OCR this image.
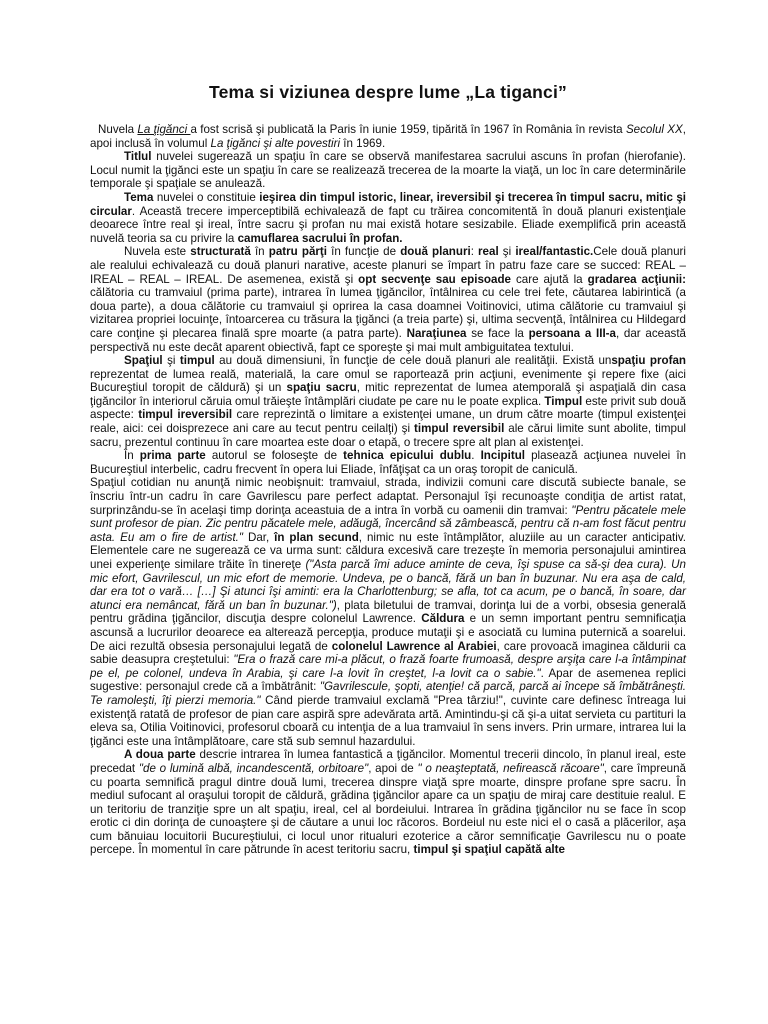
Tema si viziunea despre lume „La tiganci”

Nuvela La ţigănci a fost scrisă şi publicată la Paris în iunie 1959, tipărită în 1967 în România în revista Secolul XX, apoi inclusă în volumul La ţigănci şi alte povestiri în 1969.

Titlul nuvelei sugerează un spaţiu în care se observă manifestarea sacrului ascuns în profan (hierofanie). Locul numit la ţigănci este un spaţiu în care se realizează trecerea de la moarte la viaţă, un loc în care determinările temporale şi spaţiale se anulează.

Tema nuvelei o constituie ieşirea din timpul istoric, linear, ireversibil şi trecerea în timpul sacru, mitic şi circular. Această trecere imperceptibilă echivalează de fapt cu trăirea concomitentă în două planuri existenţiale deoarece între real şi ireal, între sacru şi profan nu mai există hotare sesizabile. Eliade exemplifică prin această nuvelă teoria sa cu privire la camuflarea sacrului în profan.

Nuvela este structurată în patru părţi în funcţie de două planuri: real şi ireal/fantastic.Cele două planuri ale realului echivalează cu două planuri narative, aceste planuri se împart în patru faze care se succed: REAL – IREAL – REAL – IREAL. De asemenea, există şi opt secvenţe sau episoade care ajută la gradarea acţiunii: călătoria cu tramvaiul (prima parte), intrarea în lumea ţigăncilor, întâlnirea cu cele trei fete, căutarea labirintică (a doua parte), a doua călătorie cu tramvaiul şi oprirea la casa doamnei Voitinovici, utima călătorie cu tramvaiul şi vizitarea propriei locuinţe, întoarcerea cu trăsura la ţigănci (a treia parte) şi, ultima secvenţă, întâlnirea cu Hildegard care conţine şi plecarea finală spre moarte (a patra parte). Naraţiunea se face la persoana a III-a, dar această perspectivă nu este decât aparent obiectivă, fapt ce sporeşte şi mai mult ambiguitatea textului.

Spaţiul şi timpul au două dimensiuni, în funcţie de cele două planuri ale realităţii. Există unspaţiu profan reprezentat de lumea reală, materială, la care omul se raportează prin acţiuni, evenimente şi repere fixe (aici Bucureştiul toropit de căldură) şi un spaţiu sacru, mitic reprezentat de lumea atemporală şi aspaţială din casa ţigăncilor în interiorul căruia omul trăieşte întâmplări ciudate pe care nu le poate explica. Timpul este privit sub două aspecte: timpul ireversibil care reprezintă o limitare a existenţei umane, un drum către moarte (timpul existenţei reale, aici: cei doisprezece ani care au tecut pentru ceilalţi) şi timpul reversibil ale cărui limite sunt abolite, timpul sacru, prezentul continuu în care moartea este doar o etapă, o trecere spre alt plan al existenţei.

În prima parte autorul se foloseşte de tehnica epicului dublu. Incipitul plasează acţiunea nuvelei în Bucureştiul interbelic, cadru frecvent în opera lui Eliade, înfăţişat ca un oraş toropit de caniculă.

Spaţiul cotidian nu anunţă nimic neobişnuit: tramvaiul, strada, indivizii comuni care discută subiecte banale, se înscriu într-un cadru în care Gavrilescu pare perfect adaptat. Personajul îşi recunoaşte condiţia de artist ratat, surprinzându-se în acelaşi timp dorinţa aceastuia de a intra în vorbă cu oamenii din tramvai: "Pentru păcatele mele sunt profesor de pian. Zic pentru păcatele mele, adăugă, încercând să zâmbească, pentru că n-am fost făcut pentru asta. Eu am o fire de artist." Dar, în plan secund, nimic nu este întâmplător, aluziile au un caracter anticipativ. Elementele care ne sugerează ce va urma sunt: căldura excesivă care trezeşte în memoria personajului amintirea unei experienţe similare trăite în tinereţe ("Asta parcă îmi aduce aminte de ceva, îşi spuse ca să-şi dea cura). Un mic efort, Gavrilescul, un mic efort de memorie. Undeva, pe o bancă, fără un ban în buzunar. Nu era aşa de cald, dar era tot o vară… […] Şi atunci îşi aminti: era la Charlottenburg; se afla, tot ca acum, pe o bancă, în soare, dar atunci era nemâncat, fără un ban în buzunar."), plata biletului de tramvai, dorinţa lui de a vorbi, obsesia generală pentru grădina ţigăncilor, discuţia despre colonelul Lawrence. Căldura e un semn important pentru semnificaţia ascunsă a lucrurilor deoarece ea alterează percepţia, produce mutaţii şi e asociată cu lumina puternică a soarelui. De aici rezultă obsesia personajului legată de colonelul Lawrence al Arabiei, care provoacă imaginea căldurii ca sabie deasupra creştetului: "Era o frază care mi-a plăcut, o frază foarte frumoasă, despre arşiţa care l-a întâmpinat pe el, pe colonel, undeva în Arabia, şi care l-a lovit în creştet, l-a lovit ca o sabie.". Apar de asemenea replici sugestive: personajul crede că a îmbătrânit: "Gavrilescule, şopti, atenţie! că parcă, parcă ai începe să îmbătrâneşti. Te ramoleşti, îţi pierzi memoria." Când pierde tramvaiul exclamă "Prea târziu!", cuvinte care definesc întreaga lui existenţă ratată de profesor de pian care aspiră spre adevărata artă. Amintindu-şi că şi-a uitat servieta cu partituri la eleva sa, Otilia Voitinovici, profesorul cboară cu intenţia de a lua tramvaiul în sens invers. Prin urmare, intrarea lui la ţigănci este una întâmplătoare, care stă sub semnul hazardului.

A doua parte descrie intrarea în lumea fantastică a ţigăncilor. Momentul trecerii dincolo, în planul ireal, este precedat "de o lumină albă, incandescentă, orbitoare", apoi de " o neaşteptată, nefirească răcoare", care împreună cu poarta semnifică pragul dintre două lumi, trecerea dinspre viaţă spre moarte, dinspre profane spre sacru. În mediul sufocant al oraşului toropit de căldură, grădina ţigăncilor apare ca un spaţiu de miraj care destituie realul. E un teritoriu de tranziţie spre un alt spaţiu, ireal, cel al bordeiului. Intrarea în grădina ţigăncilor nu se face în scop erotic ci din dorinţa de cunoaştere şi de căutare a unui loc răcoros. Bordeiul nu este nici el o casă a plăcerilor, aşa cum bănuiau locuitorii Bucureştiului, ci locul unor ritualuri ezoterice a căror semnificaţie Gavrilescu nu o poate percepe. În momentul în care pătrunde în acest teritoriu sacru, timpul şi spaţiul capătă alte
